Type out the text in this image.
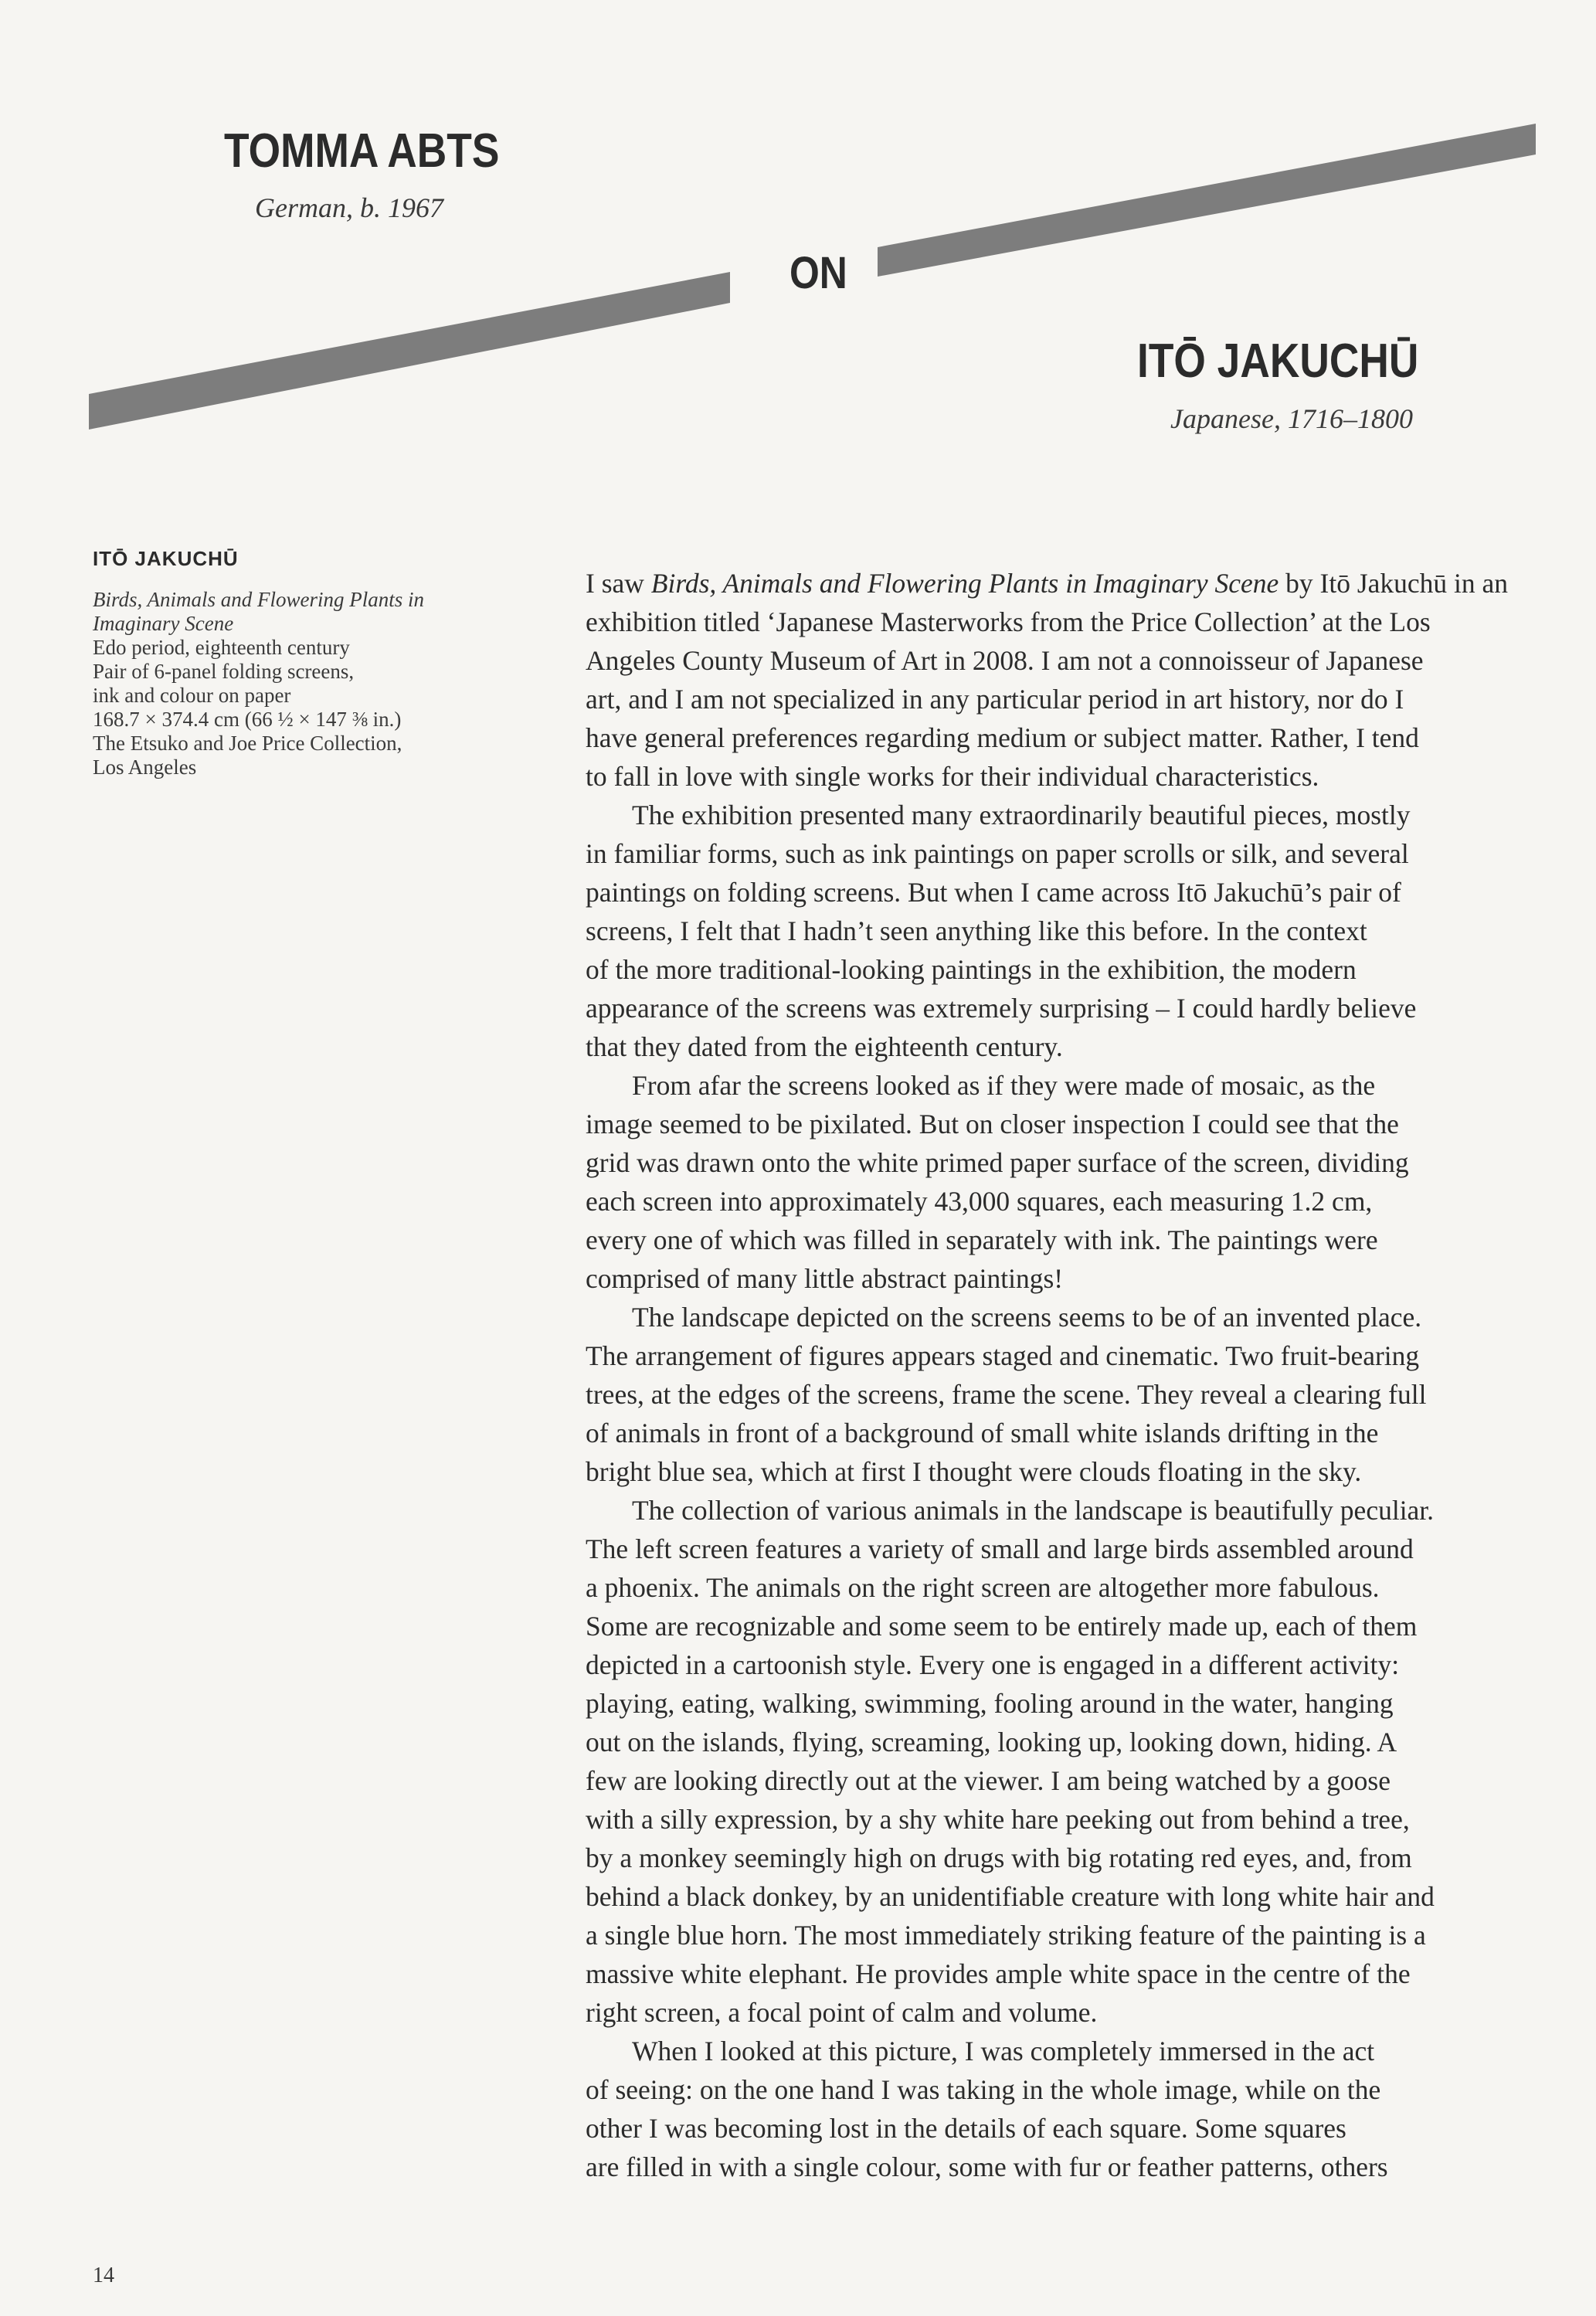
TOMMA ABTS
German, b. 1967
ON
ITŌ JAKUCHŪ
Japanese, 1716–1800
ITŌ JAKUCHŪ
Birds, Animals and Flowering Plants in
Imaginary Scene
Edo period, eighteenth century
Pair of 6-panel folding screens,
ink and colour on paper
168.7 × 374.4 cm (66 ½ × 147 ⅜ in.)
The Etsuko and Joe Price Collection,
Los Angeles
I saw Birds, Animals and Flowering Plants in Imaginary Scene by Itō Jakuchū in an
exhibition titled ‘Japanese Masterworks from the Price Collection’ at the Los
Angeles County Museum of Art in 2008. I am not a connoisseur of Japanese
art, and I am not specialized in any particular period in art history, nor do I
have general preferences regarding medium or subject matter. Rather, I tend
to fall in love with single works for their individual characteristics.
The exhibition presented many extraordinarily beautiful pieces, mostly
in familiar forms, such as ink paintings on paper scrolls or silk, and several
paintings on folding screens. But when I came across Itō Jakuchū’s pair of
screens, I felt that I hadn’t seen anything like this before. In the context
of the more traditional-looking paintings in the exhibition, the modern
appearance of the screens was extremely surprising – I could hardly believe
that they dated from the eighteenth century.
From afar the screens looked as if they were made of mosaic, as the
image seemed to be pixilated. But on closer inspection I could see that the
grid was drawn onto the white primed paper surface of the screen, dividing
each screen into approximately 43,000 squares, each measuring 1.2 cm,
every one of which was filled in separately with ink. The paintings were
comprised of many little abstract paintings!
The landscape depicted on the screens seems to be of an invented place.
The arrangement of figures appears staged and cinematic. Two fruit-bearing
trees, at the edges of the screens, frame the scene. They reveal a clearing full
of animals in front of a background of small white islands drifting in the
bright blue sea, which at first I thought were clouds floating in the sky.
The collection of various animals in the landscape is beautifully peculiar.
The left screen features a variety of small and large birds assembled around
a phoenix. The animals on the right screen are altogether more fabulous.
Some are recognizable and some seem to be entirely made up, each of them
depicted in a cartoonish style. Every one is engaged in a different activity:
playing, eating, walking, swimming, fooling around in the water, hanging
out on the islands, flying, screaming, looking up, looking down, hiding. A
few are looking directly out at the viewer. I am being watched by a goose
with a silly expression, by a shy white hare peeking out from behind a tree,
by a monkey seemingly high on drugs with big rotating red eyes, and, from
behind a black donkey, by an unidentifiable creature with long white hair and
a single blue horn. The most immediately striking feature of the painting is a
massive white elephant. He provides ample white space in the centre of the
right screen, a focal point of calm and volume.
When I looked at this picture, I was completely immersed in the act
of seeing: on the one hand I was taking in the whole image, while on the
other I was becoming lost in the details of each square. Some squares
are filled in with a single colour, some with fur or feather patterns, others
14
